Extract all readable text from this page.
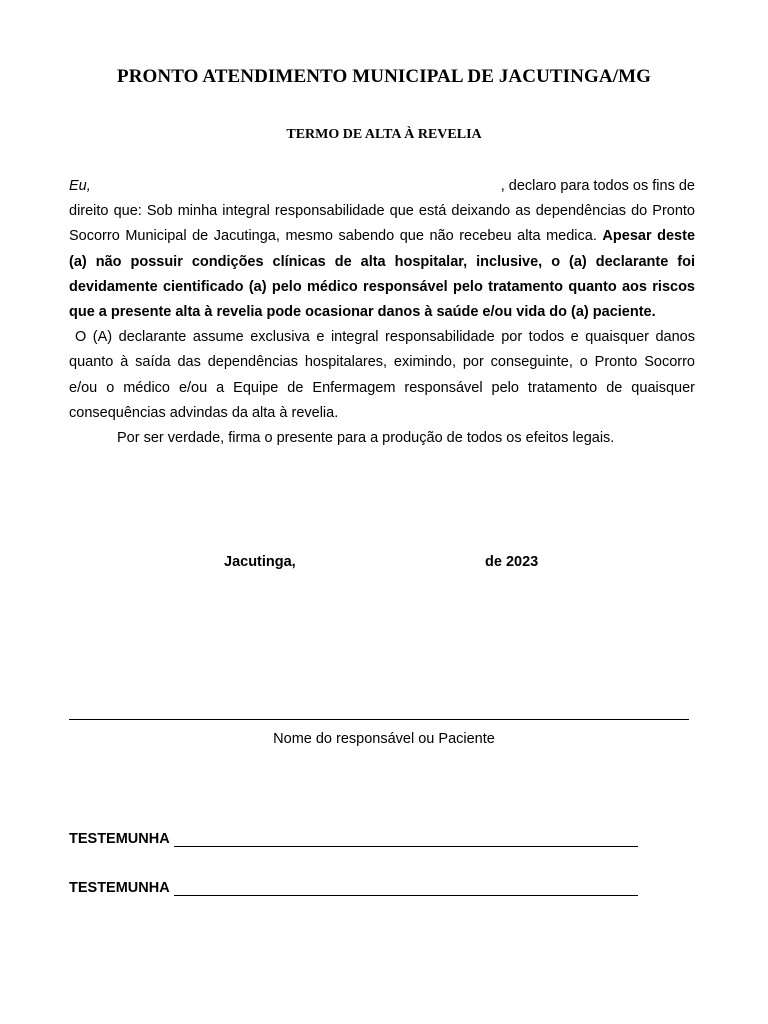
PRONTO ATENDIMENTO MUNICIPAL DE JACUTINGA/MG
TERMO DE ALTA À REVELIA
Eu,	, declaro para todos os fins de

direito que: Sob minha integral responsabilidade que está deixando as dependências do Pronto Socorro Municipal de Jacutinga, mesmo sabendo que não recebeu alta medica. Apesar deste (a) não possuir condições clínicas de alta hospitalar, inclusive, o (a) declarante foi devidamente cientificado (a) pelo médico responsável pelo tratamento quanto aos riscos que a presente alta à revelia pode ocasionar danos à saúde e/ou vida do (a) paciente.

O (A) declarante assume exclusiva e integral responsabilidade por todos e quaisquer danos quanto à saída das dependências hospitalares, eximindo, por conseguinte, o Pronto Socorro e/ou o médico e/ou a Equipe de Enfermagem responsável pelo tratamento de quaisquer consequências advindas da alta à revelia.

Por ser verdade, firma o presente para a produção de todos os efeitos legais.

Jacutinga,	de 2023
Nome do responsável ou Paciente
TESTEMUNHA
TESTEMUNHA
